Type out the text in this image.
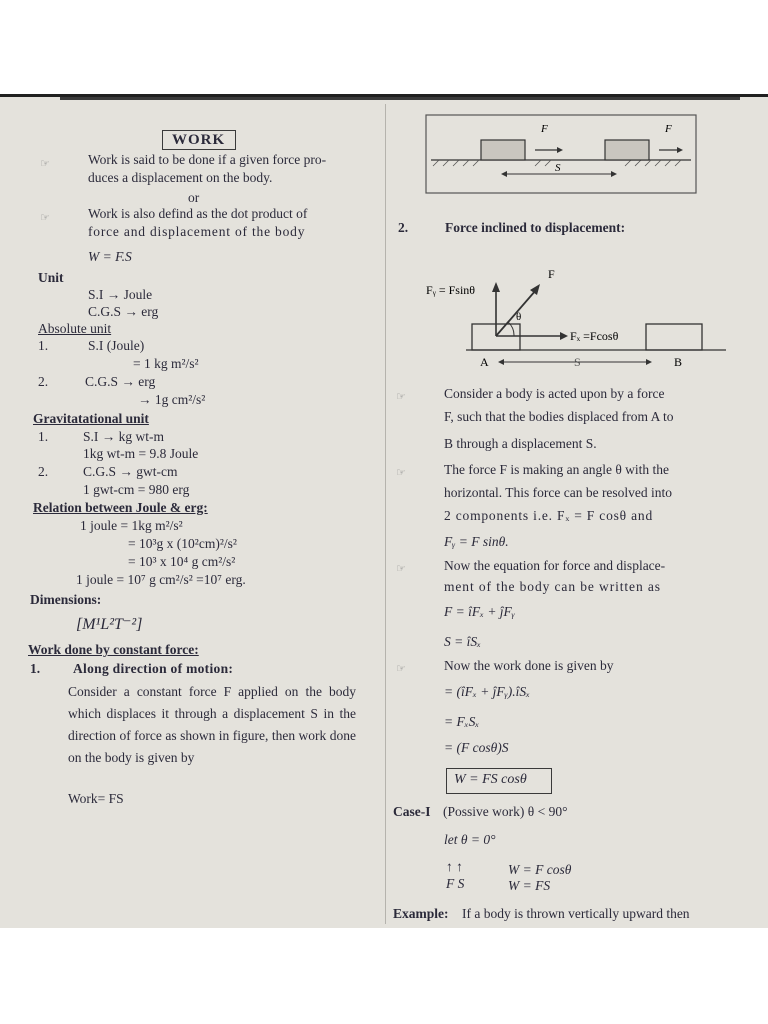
WORK
☞	Work is said to be done if a given force pro-
duces a displacement on the body.
or
☞	Work is also defind as the dot product of
force and displacement of the body
W = F.S
Unit
S.I → Joule
C.G.S → erg
Absolute unit
1.	S.I (Joule)
= 1 kg m²/s²
2.	C.G.S → erg
→ 1g cm²/s²
Gravitatational unit
1.	S.I → kg wt-m
1kg wt-m = 9.8 Joule
2.	C.G.S → gwt-cm
1 gwt-cm = 980 erg
Relation between Joule & erg:
1 joule = 1kg m²/s²
= 10³g x (10²cm)²/s²
= 10³ x 10⁴ g cm²/s²
1 joule = 10⁷ g cm²/s² =10⁷ erg.
Dimensions:
[M¹L²T⁻²]
Work done by constant force:
1. Along direction of motion:
Consider a constant force F applied on the body which displaces it through a displacement S in the direction of force as shown in figure, then work done on the body is given by
Work= FS
F	F
S
2.	Force inclined to displacement:
F
Fᵧ = Fsinθ
θ
Fₓ =Fcosθ
A	S	B
☞	Consider a body is acted upon by a force
F, such that the bodies displaced from A to
B through a displacement S.
☞	The force F is making an angle θ with the
horizontal. This force can be resolved into
2 components i.e. Fₓ = F cosθ and
Fᵧ = F sinθ.
☞	Now the equation for force and displace-
ment of the body can be written as
F = îFₓ + ĵFᵧ
S = îSₓ
☞	Now the work done is given by
= (îFₓ + ĵFᵧ).îSₓ
= FₓSₓ
= (F cosθ)S
W = FS cosθ
Case-I (Possive work) θ < 90°
let θ = 0°
↑ ↑
F S
W = F cosθ
W = FS
Example: If a body is thrown vertically upward then
